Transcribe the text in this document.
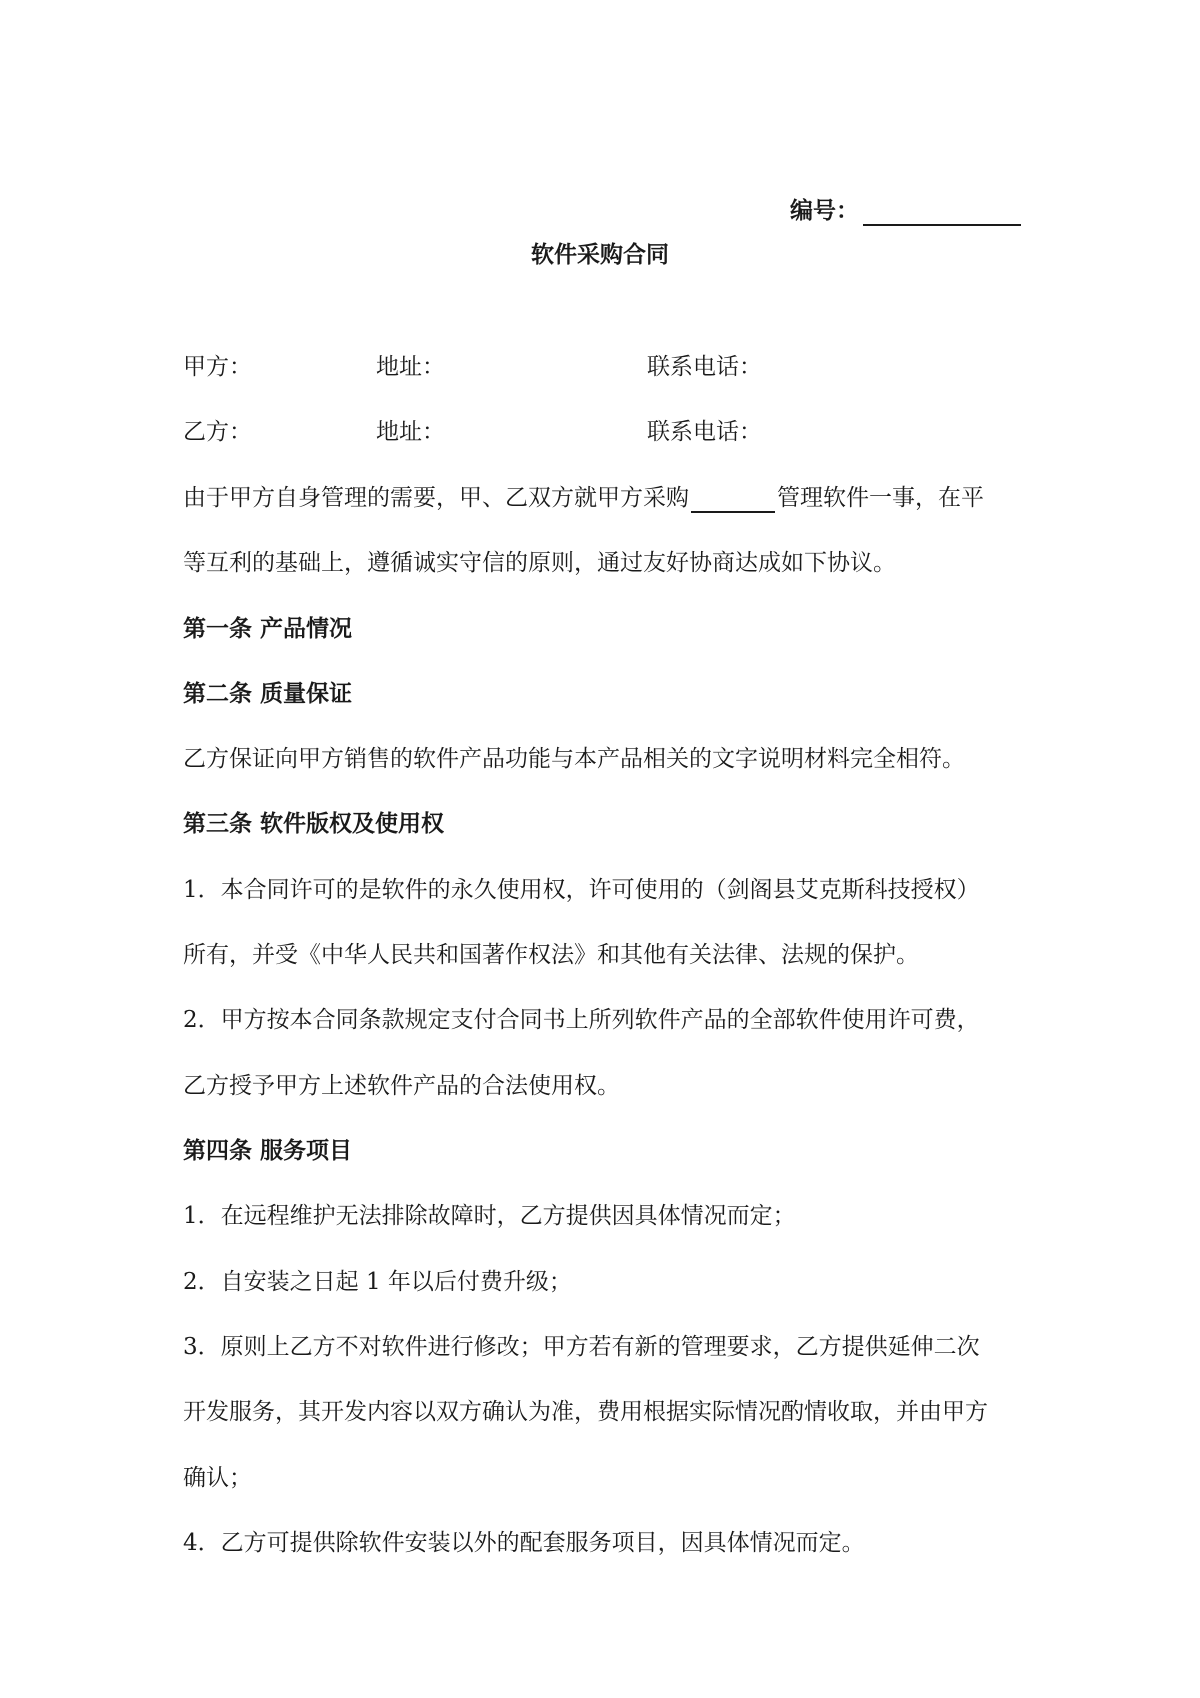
编号：
软件采购合同
甲方：	地址：	联系电话：
乙方：	地址：	联系电话：
由于甲方自身管理的需要，甲、乙双方就甲方采购	管理软件一事，在平
等互利的基础上，遵循诚实守信的原则，通过友好协商达成如下协议。
第一条 产品情况
第二条 质量保证
乙方保证向甲方销售的软件产品功能与本产品相关的文字说明材料完全相符。
第三条 软件版权及使用权
1．本合同许可的是软件的永久使用权，许可使用的（剑阁县艾克斯科技授权）
所有，并受《中华人民共和国著作权法》和其他有关法律、法规的保护。
2．甲方按本合同条款规定支付合同书上所列软件产品的全部软件使用许可费，
乙方授予甲方上述软件产品的合法使用权。
第四条 服务项目
1．在远程维护无法排除故障时，乙方提供因具体情况而定；
2．自安装之日起 1 年以后付费升级；
3．原则上乙方不对软件进行修改；甲方若有新的管理要求，乙方提供延伸二次
开发服务，其开发内容以双方确认为准，费用根据实际情况酌情收取，并由甲方
确认；
4．乙方可提供除软件安装以外的配套服务项目，因具体情况而定。
